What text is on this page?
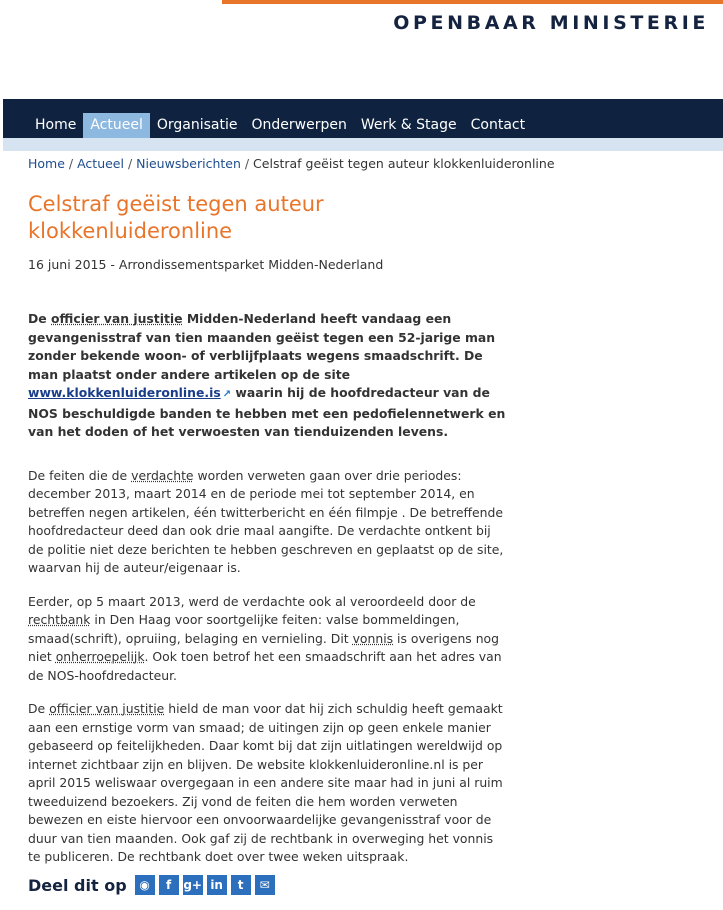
OPENBAAR MINISTERIE
Home	Actueel	Organisatie	Onderwerpen	Werk & Stage	Contact
Home / Actueel / Nieuwsberichten / Celstraf geëist tegen auteur klokkenluideronline
Celstraf geëist tegen auteur klokkenluideronline
16 juni 2015 - Arrondissementsparket Midden-Nederland

De officier van justitie Midden-Nederland heeft vandaag een gevangenisstraf van tien maanden geëist tegen een 52-jarige man zonder bekende woon- of verblijfplaats wegens smaadschrift. De man plaatst onder andere artikelen op de site www.klokkenluideronline.is ↗ waarin hij de hoofdredacteur van de NOS beschuldigde banden te hebben met een pedofielennetwerk en van het doden of het verwoesten van tienduizenden levens.

De feiten die de verdachte worden verweten gaan over drie periodes: december 2013, maart 2014 en de periode mei tot september 2014, en betreffen negen artikelen, één twitterbericht en één filmpje . De betreffende hoofdredacteur deed dan ook drie maal aangifte. De verdachte ontkent bij de politie niet deze berichten te hebben geschreven en geplaatst op de site, waarvan hij de auteur/eigenaar is.

Eerder, op 5 maart 2013, werd de verdachte ook al veroordeeld door de rechtbank in Den Haag voor soortgelijke feiten: valse bommeldingen, smaad(schrift), opruiing, belaging en vernieling. Dit vonnis is overigens nog niet onherroepelijk. Ook toen betrof het een smaadschrift aan het adres van de NOS-hoofdredacteur.

De officier van justitie hield de man voor dat hij zich schuldig heeft gemaakt aan een ernstige vorm van smaad; de uitingen zijn op geen enkele manier gebaseerd op feitelijkheden. Daar komt bij dat zijn uitlatingen wereldwijd op internet zichtbaar zijn en blijven. De website klokkenluideronline.nl is per april 2015 weliswaar overgegaan in een andere site maar had in juni al ruim tweeduizend bezoekers. Zij vond de feiten die hem worden verweten bewezen en eiste hiervoor een onvoorwaardelijke gevangenisstraf voor de duur van tien maanden. Ook gaf zij de rechtbank in overweging het vonnis te publiceren. De rechtbank doet over twee weken uitspraak.

Deel dit op	◉	f	g+ in	t	✉
